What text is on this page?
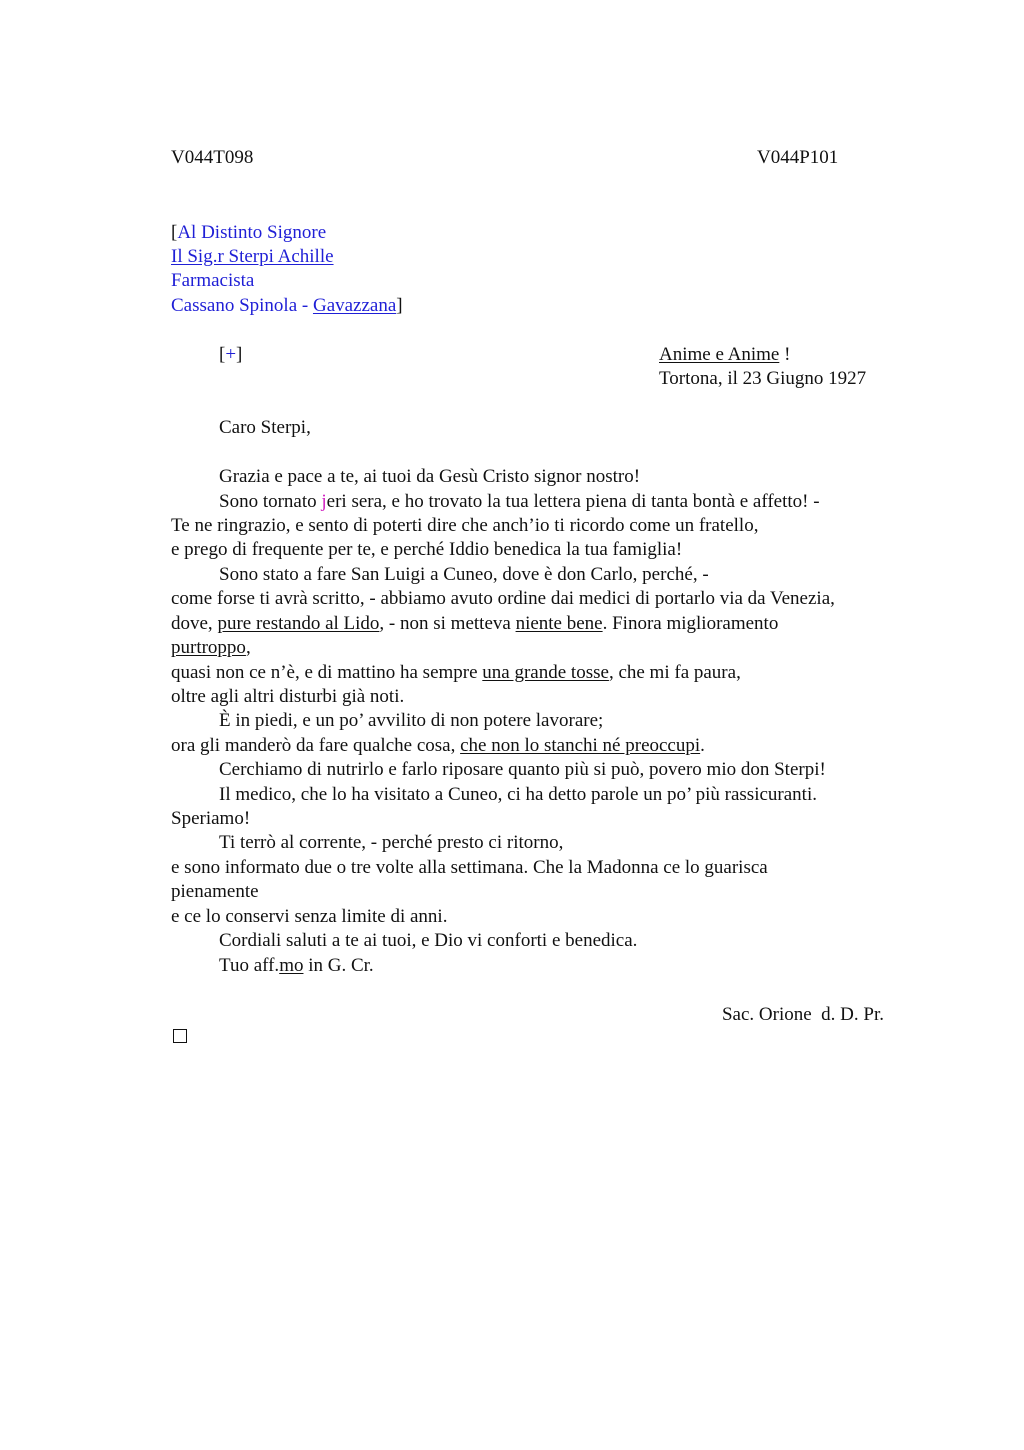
V044T098	V044P101
[Al Distinto Signore
Il Sig.r Sterpi Achille
Farmacista
Cassano Spinola - Gavazzana]
[+]	Anime e Anime !
Tortona, il 23 Giugno 1927
Caro Sterpi,
Grazia e pace a te, ai tuoi da Gesù Cristo signor nostro!
Sono tornato jeri sera, e ho trovato la tua lettera piena di tanta bontà e affetto! -
Te ne ringrazio, e sento di poterti dire che anch’io ti ricordo come un fratello,
e prego di frequente per te, e perché Iddio benedica la tua famiglia!
Sono stato a fare San Luigi a Cuneo, dove è don Carlo, perché, -
come forse ti avrà scritto, - abbiamo avuto ordine dai medici di portarlo via da Venezia,
dove, pure restando al Lido, - non si metteva niente bene. Finora miglioramento
purtroppo,
quasi non ce n’è, e di mattino ha sempre una grande tosse, che mi fa paura,
oltre agli altri disturbi già noti.
È in piedi, e un po’ avvilito di non potere lavorare;
ora gli manderò da fare qualche cosa, che non lo stanchi né preoccupi.
Cerchiamo di nutrirlo e farlo riposare quanto più si può, povero mio don Sterpi!
Il medico, che lo ha visitato a Cuneo, ci ha detto parole un po’ più rassicuranti.
Speriamo!
Ti terrò al corrente, - perché presto ci ritorno,
e sono informato due o tre volte alla settimana. Che la Madonna ce lo guarisca
pienamente
e ce lo conservi senza limite di anni.
Cordiali saluti a te ai tuoi, e Dio vi conforti e benedica.
Tuo aff.mo in G. Cr.
Sac. Orione  d. D. Pr.
